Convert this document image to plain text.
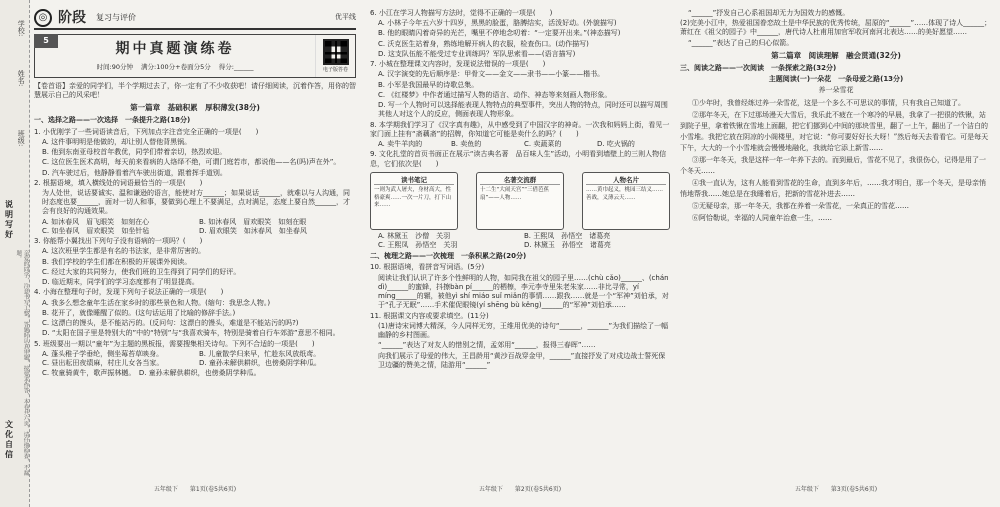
学校:
姓名:
班级:
说明写好
亲爱的同学，注意书写工整，答题时认真审题，按要求作答，本卷共六页，请仔细检查，不漏题。
文化自信
◎ 阶段 复习与评价	优平线
5
期中真题演练卷
时间:90分钟 满分:100分+卷面分5分 得分:______	电子版答卷

【卷首语】亲爱的同学们，半个学期过去了，你一定有了不少收获吧！请仔细阅读，沉着作答，用你的智慧展示自己的风采吧！

第一篇章　基础积累　厚积薄发(38分)
一、选择之路——一次选择　一条提升之路(18分)

1. 小优刚学了一些词语读音后，下列加点字注音完全正确的一项是(　　)

A. 这件事明明是他做的，却让别人替他背黑锅。

B. 他到东南亚母校首年教优，同学们带着亲切，热烈欢迎。

C. 这位医生医术高明，每天前来看病的人络绎不绝，可谓门庭若市，都说他——名(吗)声在外”。

D. 汽车驶过后，他静静看着汽车驶出街道，跟着挥手道别。

2. 根据语境，填入横线处的词语最恰当的一项是(　　)

为人处世，说话要诚实、温和谦逊的语言，能使对方______；如果说话______，就难以与人沟通，同时态度也要______，面对一切人和事，要做到心理上不要满足，点对满足，态度上要自然______，才会有良好的沟通效果。

A. 如沐春风　眉飞眼笑　如刻在心	B. 如沐春风　眉欢眼笑　如刻在眼
C. 如坐春风　眉欢眼笑　如坐针毡	D. 眉欢眼笑　如沐春风　如坐春风

3. 你能帮小翼找出下列句子没有语病的一项吗？(　　)

A. 这次班里学生都是有名的书法家，是非常厉害的。

B. 我们学校的学生们都在积极的开展课外阅读。

C. 经过大家的共同努力，使我们班的卫生得到了同学们的好评。

D. 临近期末，同学们的学习态度都有了明显提高。

4. 小海在整理句子时，发现下列句子说法正确的一项是(　　)

A. 我多么想念童年生活在家乡时的那些景色和人物。(缩句：我思念人物。)

B. 花开了，就像睡醒了似的。(这句话运用了比喻的修辞手法。)

C. 这漂白的馒头，是不能站污的。(反问句：这漂白的馒头，难道是不能站污的吗?)

D. “太阳在国子里是特别大的”中的“特别”与“我喜欢骑车，特别是骑着自行车郊游”意思不相同。

5. 班级要出一期以“童年”为主题的黑板报，需要搜集相关诗句。下列不合适的一项是(　　)

A. 蓬头稚子学垂纶，侧坐莓苔草映身。	B. 儿童散学归来早，忙趁东风放纸鸢。
C. 昼出耘田夜绩麻，村庄儿女各当家。	D. 童孙未解供耕织，也傍桑阴学种瓜。

C. 牧童骑黄牛，歌声振林樾。　D. 童孙未解供耕织，也傍桑阴学种瓜。

五年级下　　第1页(卷5共6页)

6. 小江在学习人物描写方法时，觉得不正确的一项是(　　)

A. 小林子今年五六岁十四岁，黑黑的脸蛋，胳膊结实，活泼好动。(外貌描写)

B. 他的眼睛闪着奇异的光芒，嘴里不停地念叨着：“一定要开出来。”(神态描写)

C. 沃克医生站着身，熟练地解开病人的衣服，检查伤口。(动作描写)

D. 这支队伍能不能受过专业训练吗？军队思索看——(语言描写)

7. 小城在整理课文内容时，发现说法错误的一项是(　　)

A. 汉字演变的先后顺序是：甲骨文——金文——隶书——小篆——楷书。

B. 小军是我国最早的诗歌总集。

C. 《红楼梦》中作者通过描写人物的语言、动作、神态等来刻画人物形象。

D. 写一个人物时可以选择能表现人物特点的典型事件，突出人物的特点，同时还可以描写周围其他人对这个人的反应，侧面表现人物形象。

8. 本学期我们学习了《汉字真有趣》，从中感受到了中国汉字的神奇。一次我和妈妈上街，看见一家门面上挂有“斋藕斋”的招牌，你知道它可能是卖什么的吗？(　　)

A. 卖牛羊肉的	B. 卖鱼的	C. 卖蔬菜的	D. 吃火锅的

9. 文化扎堂的首页书面正在展示“读古典名著　品百味人生”活动，小明看到墙壁上的三则人物信息，它们依次是(　　)

读书笔记
一则为武人屠夫，身材高大，性格豪爽……一次一片刀，打下山来……
名著交流群
十二生“大闹天宫”“三借芭蕉扇”——人物……
人物名片
……黄巾起义，桃园三结义……善战，义薄云天……
A. 林黛玉　沙僧　关羽	B. 王熙凤　孙悟空　诸葛亮
C. 王熙凤　孙悟空　关羽	D. 林黛玉　孙悟空　诸葛亮
二、梳理之路——一次梳理　一条积累之路(20分)

10. 根据语境，看拼音写词语。(5分)

阅读让我们认识了许多个性鲜明的人物，如同我在祖父的园子里……(chù cǎo)______、(chán dì)______的蜜蜂，抖擦bàn pí______的栖檫，李元李寺里朱老朱家……非比寻常，yí míng______的辗，被他yì shí miáo suǐ miǎn的事情……跟我……就是一个“军神”刘伯承，对于“孔子无眠”……手术催促眼镜(yí shēng bù kěng)______的“军神”刘伯承……

11. 根据课文内容或要求填空。(11分)

(1)唐诗宋词博大精深，今人同样无穷，王维用优美的诗句“______，______”为我们描绘了一幅幽静的乡村图画。

“______”表达了对友人的惜别之情，孟郊用“______，报得三春晖”……

向我们展示了母爱的伟大，王昌龄用“黄沙百战穿金甲，______”直接抒发了对戍边战士誓死保卫边疆的赞美之情，陆游用“______”

五年级下　　第2页(卷5共6页)

“______”抒发自己心系祖国却无力为国效力的感慨。

(2)完美小江中，热爱祖国眷恋故土是中华民族的优秀传统，屈原的“______”……体现了诗人______；萧红在《祖父的园子》中______，唐代诗人杜甫用加官军收河南河北表达……的美好愿望……

“______”表达了自己的归心似箭。

第二篇章　阅读理解　融会贯通(32分)
三、阅读之路——一次阅读　一条探索之路(32分)
主题阅读(一)一朵花　一条母爱之路(13分)
养一朵雪花

①少年时，我曾经练过养一朵雪花，这是一个多么不可思议的事情，只有我自己知道了。

②那年冬天，在下过那场漫天大雪后，我乐此不疲在一个寒冷的早晨，我拿了一把很的铁锹，站到院子里，拿着铁锹在雪地上面翻，把它们挪到心中间的那块雪里，翻了一上午，翻出了一个洁白的小雪堆。我把它放在阴凉的小阁楼里，对它说：“你可要好好长大呀！”然后每天去看看它。可是每天下午，大大的一个小雪堆就会慢慢地融化，我就给它添上新雪……

③那一年冬天，我是这样一年一年养下去的。而到最后，雪花不见了，我很伤心，记得是用了一个冬天……

④我一直认为，这有人能看到雪花的生命，直到多年后，……我才明白，那一个冬天，是母亲悄悄地帮我……她总是在我睡着后，把新的雪花补进去……

⑤无疑母亲，那一年冬天，我都在养着一朵雪花，一朵真正的雪花……

⑥阿恰勒说，幸福的人同童年治愈一生，……

五年级下　　第3页(卷5共6页)
